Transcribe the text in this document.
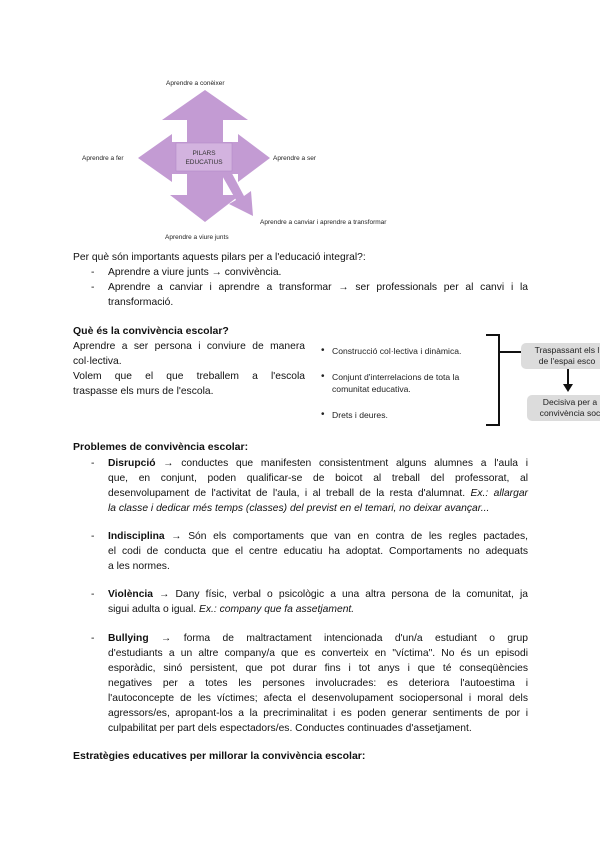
PILARS
EDUCATIUS
Aprendre a conèixer
Aprendre a fer	Aprendre a ser
Aprendre a canviar i aprendre a transformar
Aprendre a viure junts
Per què són importants aquests pilars per a l'educació integral?:
- Aprendre a viure junts → convivència.
- Aprendre a canviar i aprendre a transformar → ser professionals per al canvi i la
transformació.
Què és la convivència escolar?
Aprendre a ser persona i conviure de manera
col·lectiva.
Volem que el que treballem a l'escola
traspasse els murs de l'escola.
• Construcció col·lectiva i dinàmica.
• Conjunt d'interrelacions de tota la
comunitat educativa.
• Drets i deures.
Traspassant els l
de l'espai esco
Decisiva per a
convivència soc
Problemes de convivència escolar:
- Disrupció → conductes que manifesten consistentment alguns alumnes a l'aula i
que, en conjunt, poden qualificar-se de boicot al treball del professorat, al
desenvolupament de l'activitat de l'aula, i al treball de la resta d'alumnat. Ex.: allargar
la classe i dedicar més temps (classes) del previst en el temari, no deixar avançar...
- Indisciplina → Són els comportaments que van en contra de les regles pactades,
el codi de conducta que el centre educatiu ha adoptat. Comportaments no adequats
a les normes.
- Violència → Dany físic, verbal o psicològic a una altra persona de la comunitat, ja
sigui adulta o igual. Ex.: company que fa assetjament.
- Bullying → forma de maltractament intencionada d'un/a estudiant o grup
d'estudiants a un altre company/a que es converteix en "víctima". No és un episodi
esporàdic, sinó persistent, que pot durar fins i tot anys i que té conseqüències
negatives per a totes les persones involucrades: es deteriora l'autoestima i
l'autoconcepte de les víctimes; afecta el desenvolupament sociopersonal i moral dels
agressors/es, apropant-los a la precriminalitat i es poden generar sentiments de por i
culpabilitat per part dels espectadors/es. Conductes continuades d'assetjament.
Estratègies educatives per millorar la convivència escolar:
